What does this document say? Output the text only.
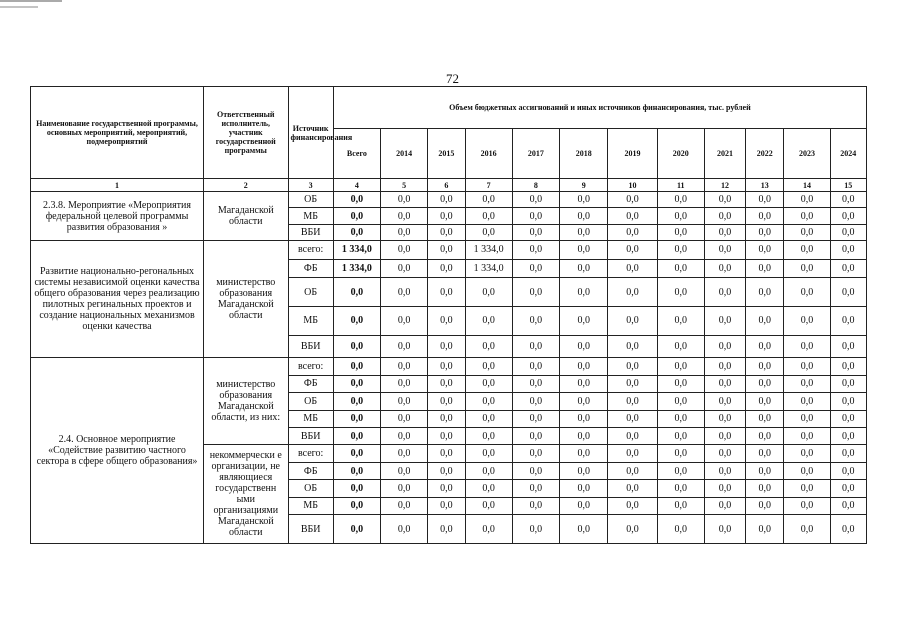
72
Наименование государственной программы, основных мероприятий, мероприятий, подмероприятий	Ответственный исполнитель, участник государственной программы	Источник финансирования	Объем бюджетных ассигнований и иных источников финансирования, тыс. рублей											
			Всего	2014	2015	2016	2017	2018	2019	2020	2021	2022	2023	2024
1	2	3	4	5	6	7	8	9	10	11	12	13	14	15
2.3.8. Мероприятие «Мероприятия федеральной целевой программы развития образования »	Магаданской области	ОБ	0,0	0,0	0,0	0,0	0,0	0,0	0,0	0,0	0,0	0,0	0,0	0,0
		МБ	0,0	0,0	0,0	0,0	0,0	0,0	0,0	0,0	0,0	0,0	0,0	0,0
		ВБИ	0,0	0,0	0,0	0,0	0,0	0,0	0,0	0,0	0,0	0,0	0,0	0,0
Развитие национально-регональных системы независимой оценки качества общего образования через реализацию пилотных регинальных проектов и создание национальных механизмов оценки качества	министерство образования Магаданской области	всего:	1 334,0	0,0	0,0	1 334,0	0,0	0,0	0,0	0,0	0,0	0,0	0,0	0,0
		ФБ	1 334,0	0,0	0,0	1 334,0	0,0	0,0	0,0	0,0	0,0	0,0	0,0	0,0
		ОБ	0,0	0,0	0,0	0,0	0,0	0,0	0,0	0,0	0,0	0,0	0,0	0,0
		МБ	0,0	0,0	0,0	0,0	0,0	0,0	0,0	0,0	0,0	0,0	0,0	0,0
		ВБИ	0,0	0,0	0,0	0,0	0,0	0,0	0,0	0,0	0,0	0,0	0,0	0,0
2.4. Основное мероприятие «Содействие развитию частного сектора в сфере общего образования»	министерство образования Магаданской области, из них:	всего:	0,0	0,0	0,0	0,0	0,0	0,0	0,0	0,0	0,0	0,0	0,0	0,0
		ФБ	0,0	0,0	0,0	0,0	0,0	0,0	0,0	0,0	0,0	0,0	0,0	0,0
		ОБ	0,0	0,0	0,0	0,0	0,0	0,0	0,0	0,0	0,0	0,0	0,0	0,0
		МБ	0,0	0,0	0,0	0,0	0,0	0,0	0,0	0,0	0,0	0,0	0,0	0,0
		ВБИ	0,0	0,0	0,0	0,0	0,0	0,0	0,0	0,0	0,0	0,0	0,0	0,0
	некоммерчески е организации, не являющиеся государственн ыми организациями Магаданской области	всего:	0,0	0,0	0,0	0,0	0,0	0,0	0,0	0,0	0,0	0,0	0,0	0,0
		ФБ	0,0	0,0	0,0	0,0	0,0	0,0	0,0	0,0	0,0	0,0	0,0	0,0
		ОБ	0,0	0,0	0,0	0,0	0,0	0,0	0,0	0,0	0,0	0,0	0,0	0,0
		МБ	0,0	0,0	0,0	0,0	0,0	0,0	0,0	0,0	0,0	0,0	0,0	0,0
		ВБИ	0,0	0,0	0,0	0,0	0,0	0,0	0,0	0,0	0,0	0,0	0,0	0,0
